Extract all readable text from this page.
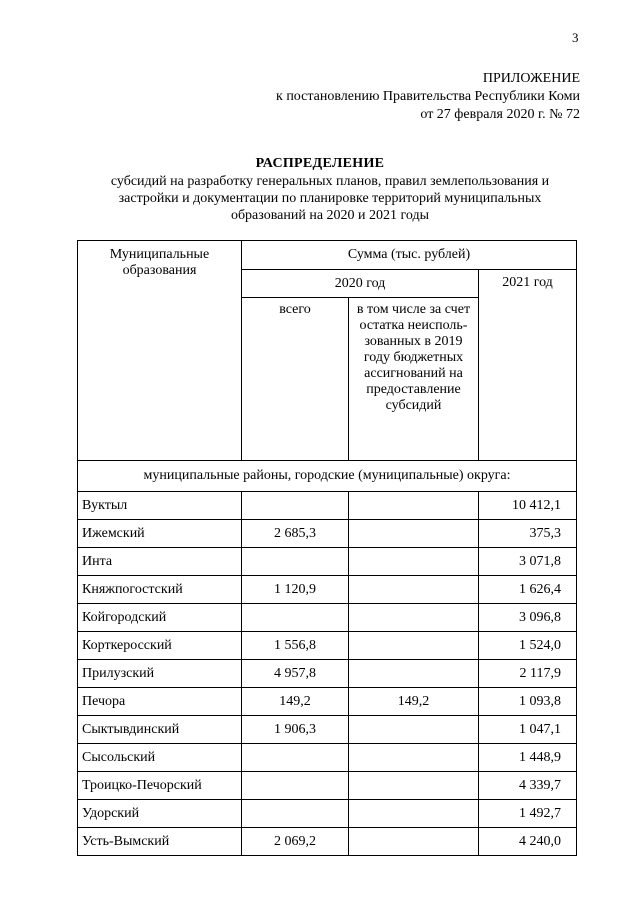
3
ПРИЛОЖЕНИЕ
к постановлению Правительства Республики Коми
от 27 февраля 2020 г. № 72
РАСПРЕДЕЛЕНИЕ
субсидий на разработку генеральных планов, правил землепользования и застройки и документации по планировке территорий муниципальных образований на 2020 и 2021 годы
Муниципальные образования	Сумма (тыс. рублей)		
	2020 год		2021 год
	всего	в том числе за счет остатка неисполь-зованных в 2019 году бюджетных ассигнований на предоставление субсидий	
муниципальные районы, городские (муниципальные) округа:			
Вуктыл			10 412,1
Ижемский	2 685,3		375,3
Инта			3 071,8
Княжпогостский	1 120,9		1 626,4
Койгородский			3 096,8
Корткеросский	1 556,8		1 524,0
Прилузский	4 957,8		2 117,9
Печора	149,2	149,2	1 093,8
Сыктывдинский	1 906,3		1 047,1
Сысольский			1 448,9
Троицко-Печорский			4 339,7
Удорский			1 492,7
Усть-Вымский	2 069,2		4 240,0
